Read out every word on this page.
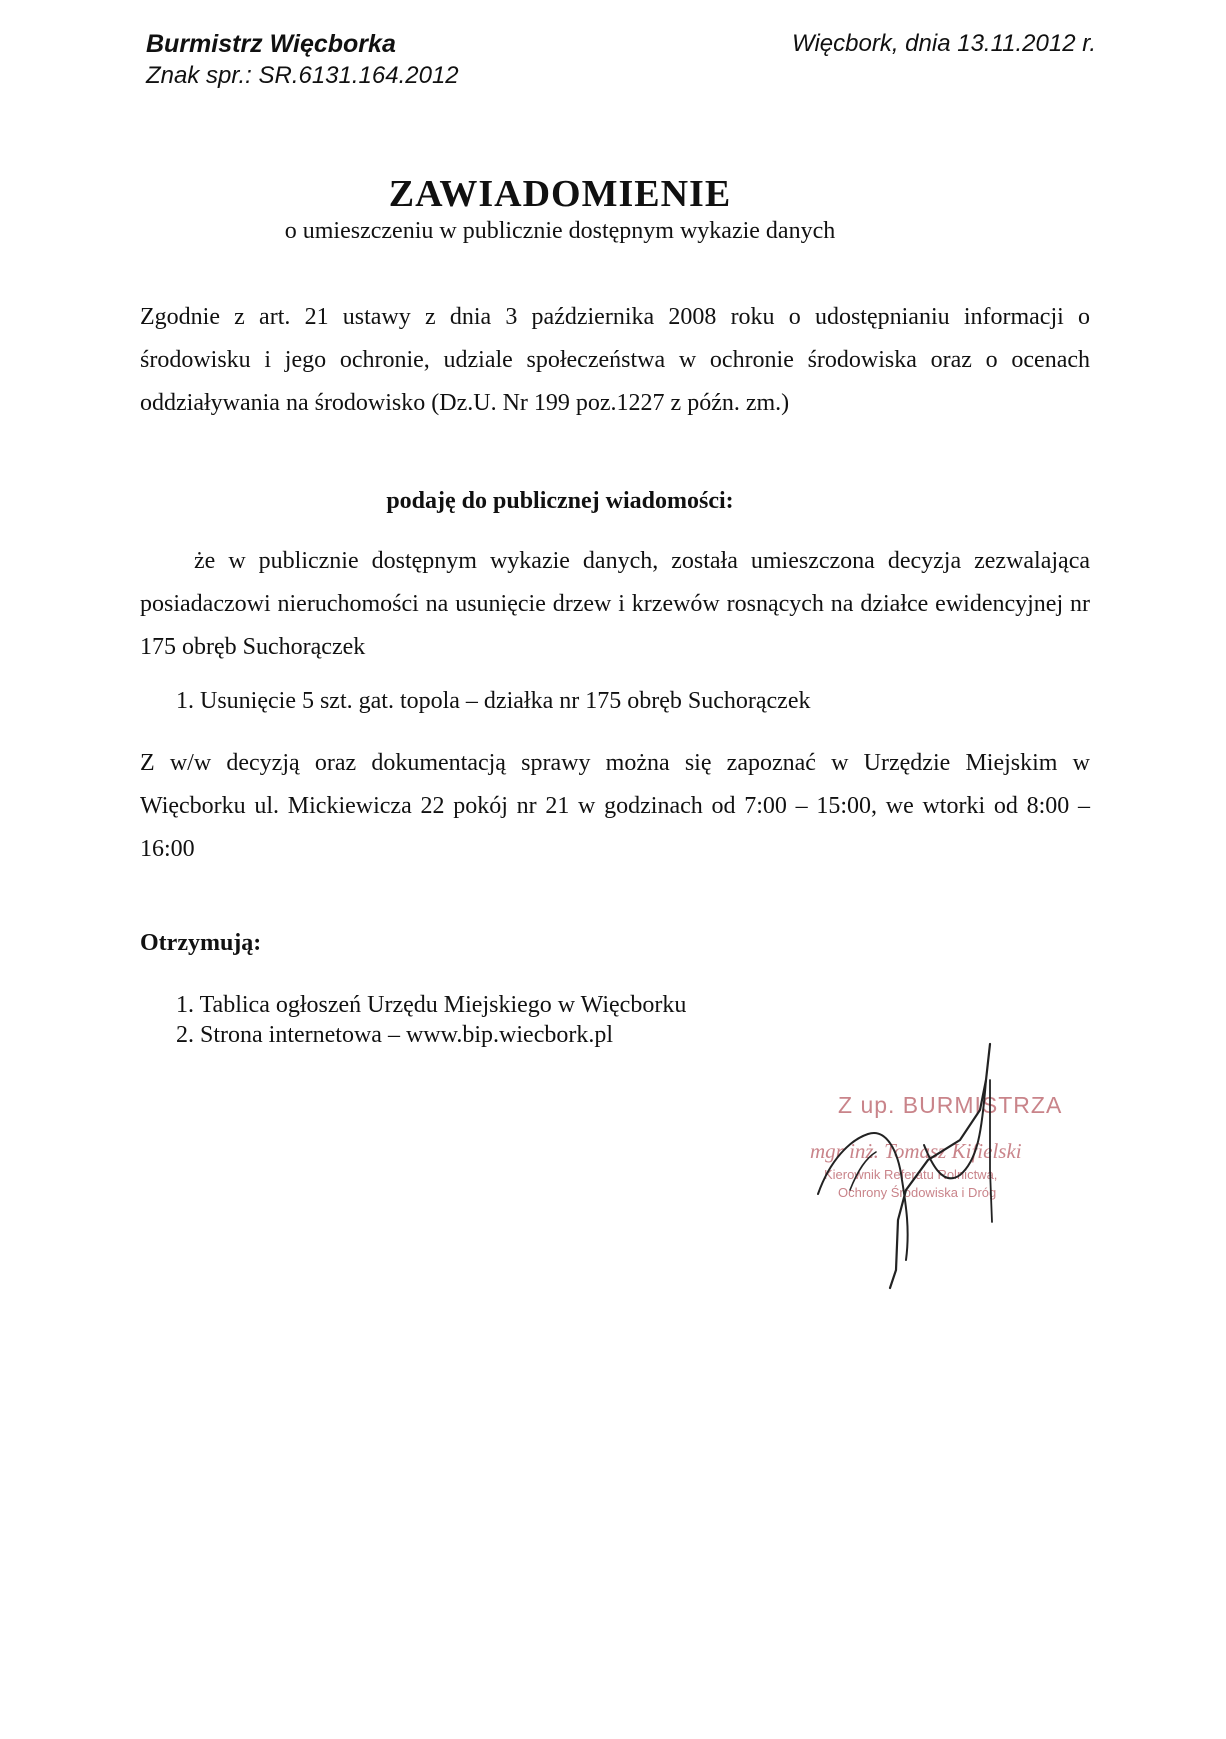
Burmistrz Więcborka
Znak spr.: SR.6131.164.2012
Więcbork, dnia 13.11.2012 r.
ZAWIADOMIENIE
o umieszczeniu w publicznie dostępnym wykazie danych
Zgodnie z art. 21 ustawy z dnia 3 października 2008 roku o udostępnianiu informacji o środowisku i jego ochronie, udziale społeczeństwa w ochronie środowiska oraz o ocenach oddziaływania na środowisko (Dz.U. Nr 199 poz.1227 z późn. zm.)
podaję do publicznej wiadomości:
że w publicznie dostępnym wykazie danych, została umieszczona decyzja zezwalająca posiadaczowi nieruchomości na usunięcie drzew i krzewów rosnących na działce ewidencyjnej nr 175 obręb Suchorączek
1. Usunięcie 5 szt. gat. topola – działka nr 175 obręb Suchorączek
Z w/w decyzją oraz dokumentacją sprawy można się zapoznać w Urzędzie Miejskim w Więcborku ul. Mickiewicza 22 pokój nr 21 w godzinach od 7:00 – 15:00, we wtorki od 8:00 – 16:00
Otrzymują:
1. Tablica ogłoszeń Urzędu Miejskiego w Więcborku
2. Strona internetowa – www.bip.wiecbork.pl
Z up. BURMISTRZA
mgr inż. Tomasz Kifielski
Kierownik Referatu Rolnictwa,
Ochrony Środowiska i Dróg
